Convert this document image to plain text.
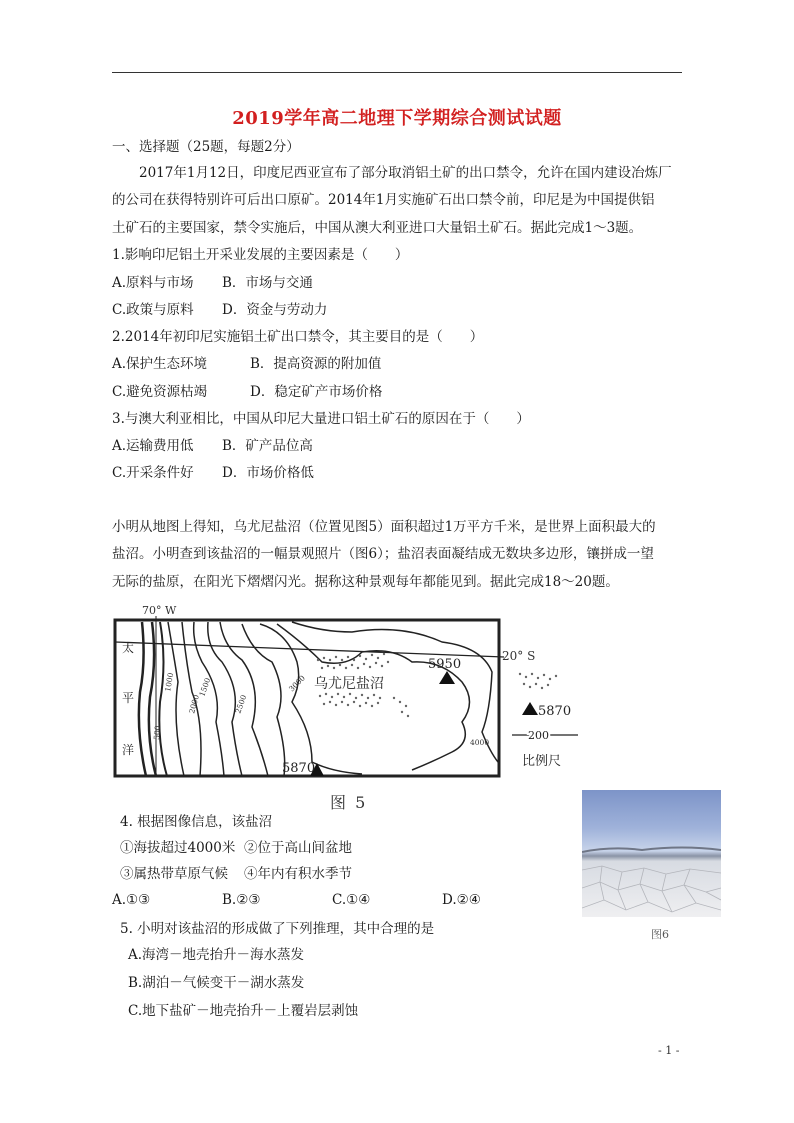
2019学年高二地理下学期综合测试试题
一、选择题（25题，每题2分）
2017年1月12日，印度尼西亚宣布了部分取消铝土矿的出口禁令，允许在国内建设冶炼厂
的公司在获得特别许可后出口原矿。2014年1月实施矿石出口禁令前，印尼是为中国提供铝
土矿石的主要国家，禁令实施后，中国从澳大利亚进口大量铝土矿石。据此完成1～3题。
1.影响印尼铝土开采业发展的主要因素是（　　）
A.原料与市场 B．市场与交通
C.政策与原料 D．资金与劳动力
2.2014年初印尼实施铝土矿出口禁令，其主要目的是（　　）
A.保护生态环境	B．提高资源的附加值
C.避免资源枯竭	D．稳定矿产市场价格
3.与澳大利亚相比，中国从印尼大量进口铝土矿石的原因在于（　　）
A.运输费用低 B．矿产品位高
C.开采条件好 D．市场价格低
小明从地图上得知，乌尤尼盐沼（位置见图5）面积超过1万平方千米，是世界上面积最大的
盐沼。小明查到该盐沼的一幅景观照片（图6）；盐沼表面凝结成无数块多边形，镶拼成一望
无际的盐原，在阳光下熠熠闪光。据称这种景观每年都能见到。据此完成18～20题。
70° W
20° S
太
平
洋
乌尤尼盐沼
5950
5870
5870
1000
500
3000
1500
2000	2500
4000
200
比例尺
图 5
图6
4. 根据图像信息，该盐沼
①海拔超过4000米 ②位于高山间盆地
③属热带草原气候 ④年内有积水季节
A.①③	B.②③	C.①④	D.②④
5. 小明对该盐沼的形成做了下列推理，其中合理的是
A.海湾－地壳抬升－海水蒸发
B.湖泊－气候变干－湖水蒸发
C.地下盐矿－地壳抬升－上覆岩层剥蚀
- 1 -
